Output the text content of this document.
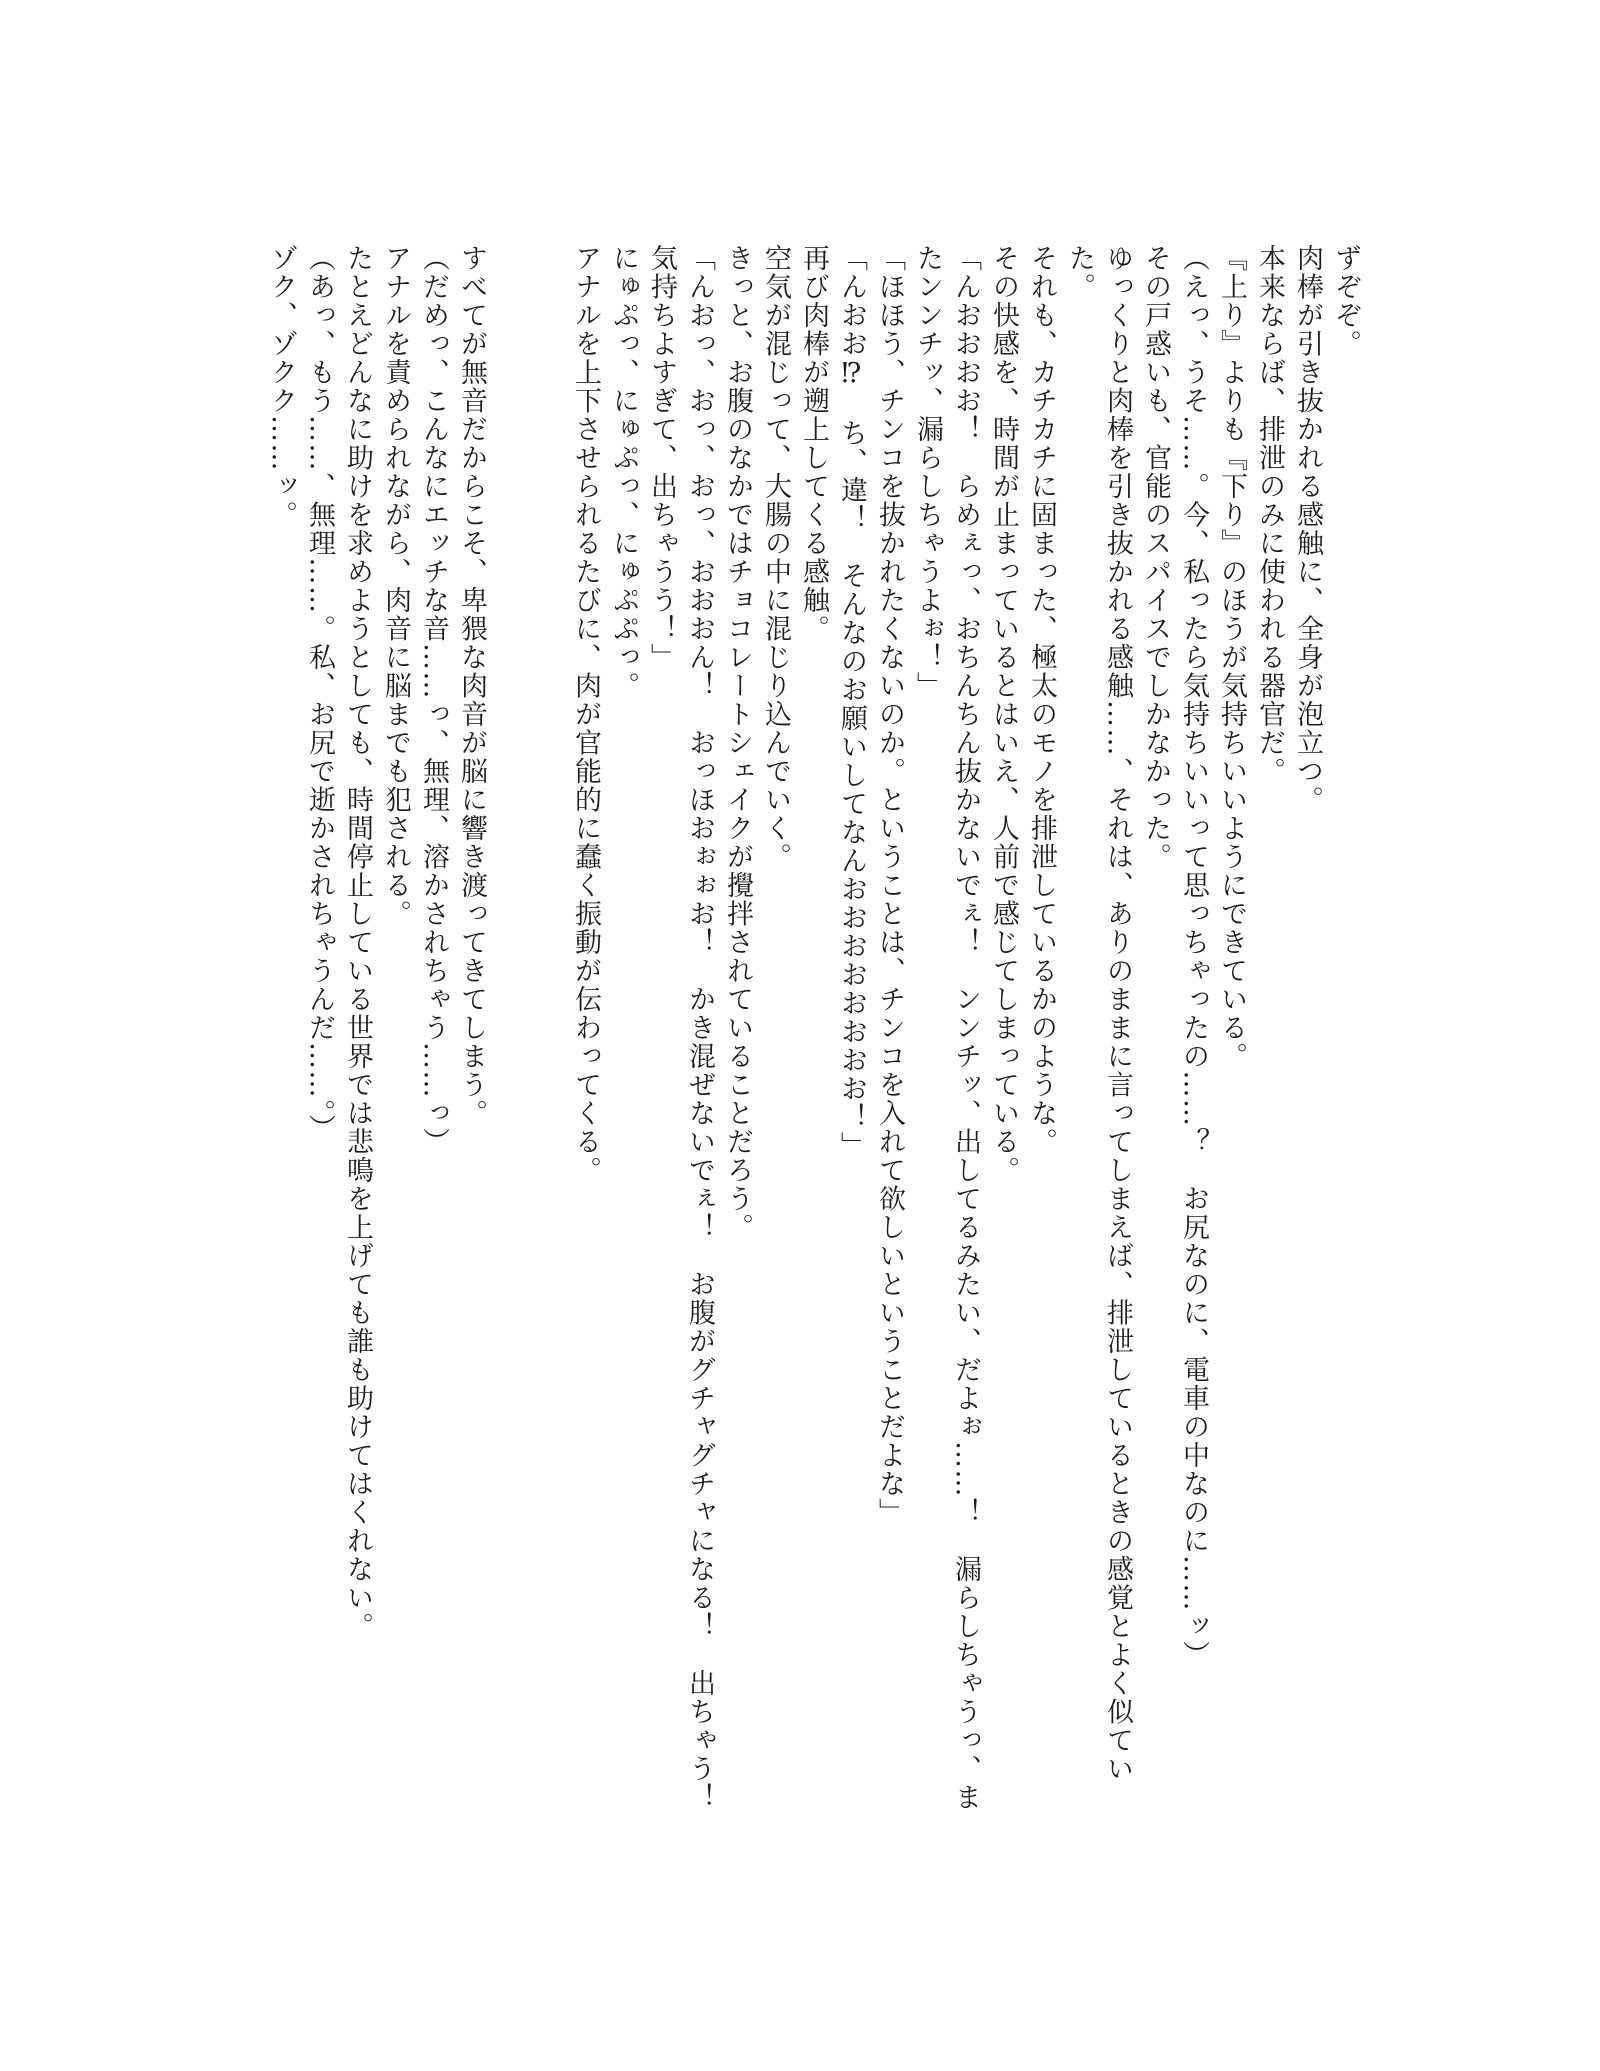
ずぞぞ。

肉棒が引き抜かれる感触に、全身が泡立つ。

本来ならば、排泄のみに使われる器官だ。

『上り』よりも『下り』のほうが気持ちいいようにできている。

（えっ、うそ……。今、私ったら気持ちいいって思っちゃったの……？　お尻なのに、電車の中なのに……ッ）

その戸惑いも、官能のスパイスでしかなかった。

ゆっくりと肉棒を引き抜かれる感触……、それは、ありのままに言ってしまえば、排泄しているときの感覚とよく似てい

た。

それも、カチカチに固まった、極太のモノを排泄しているかのような。

その快感を、時間が止まっているとはいえ、人前で感じてしまっている。

「んおおおお！　らめぇっ、おちんちん抜かないでぇ！　ンンチッ、出してるみたい、だよぉ……！　漏らしちゃうっ、ま

たンンチッ、漏らしちゃうよぉ！」

「ほほう、チンコを抜かれたくないのか。ということは、チンコを入れて欲しいということだよな」

「んおお⁉　ち、違！　そんなのお願いしてなんおおおおおおおお！」

再び肉棒が遡上してくる感触。

空気が混じって、大腸の中に混じり込んでいく。

きっと、お腹のなかではチョコレートシェイクが攪拌されていることだろう。

「んおっ、おっ、おっ、おおおん！　おっほおぉぉお！　かき混ぜないでぇ！　お腹がグチャグチャになる！　出ちゃう！

気持ちよすぎて、出ちゃうう！」

にゅぷっ、にゅぷっ、にゅぷぷっ。

アナルを上下させられるたびに、肉が官能的に蠢く振動が伝わってくる。

すべてが無音だからこそ、卑猥な肉音が脳に響き渡ってきてしまう。

（だめっ、こんなにエッチな音……っ、無理、溶かされちゃう……っ）

アナルを責められながら、肉音に脳までも犯される。

たとえどんなに助けを求めようとしても、時間停止している世界では悲鳴を上げても誰も助けてはくれない。

（あっ、もう……、無理……。私、お尻で逝かされちゃうんだ……。）

ゾク、ゾクク……ッ。
